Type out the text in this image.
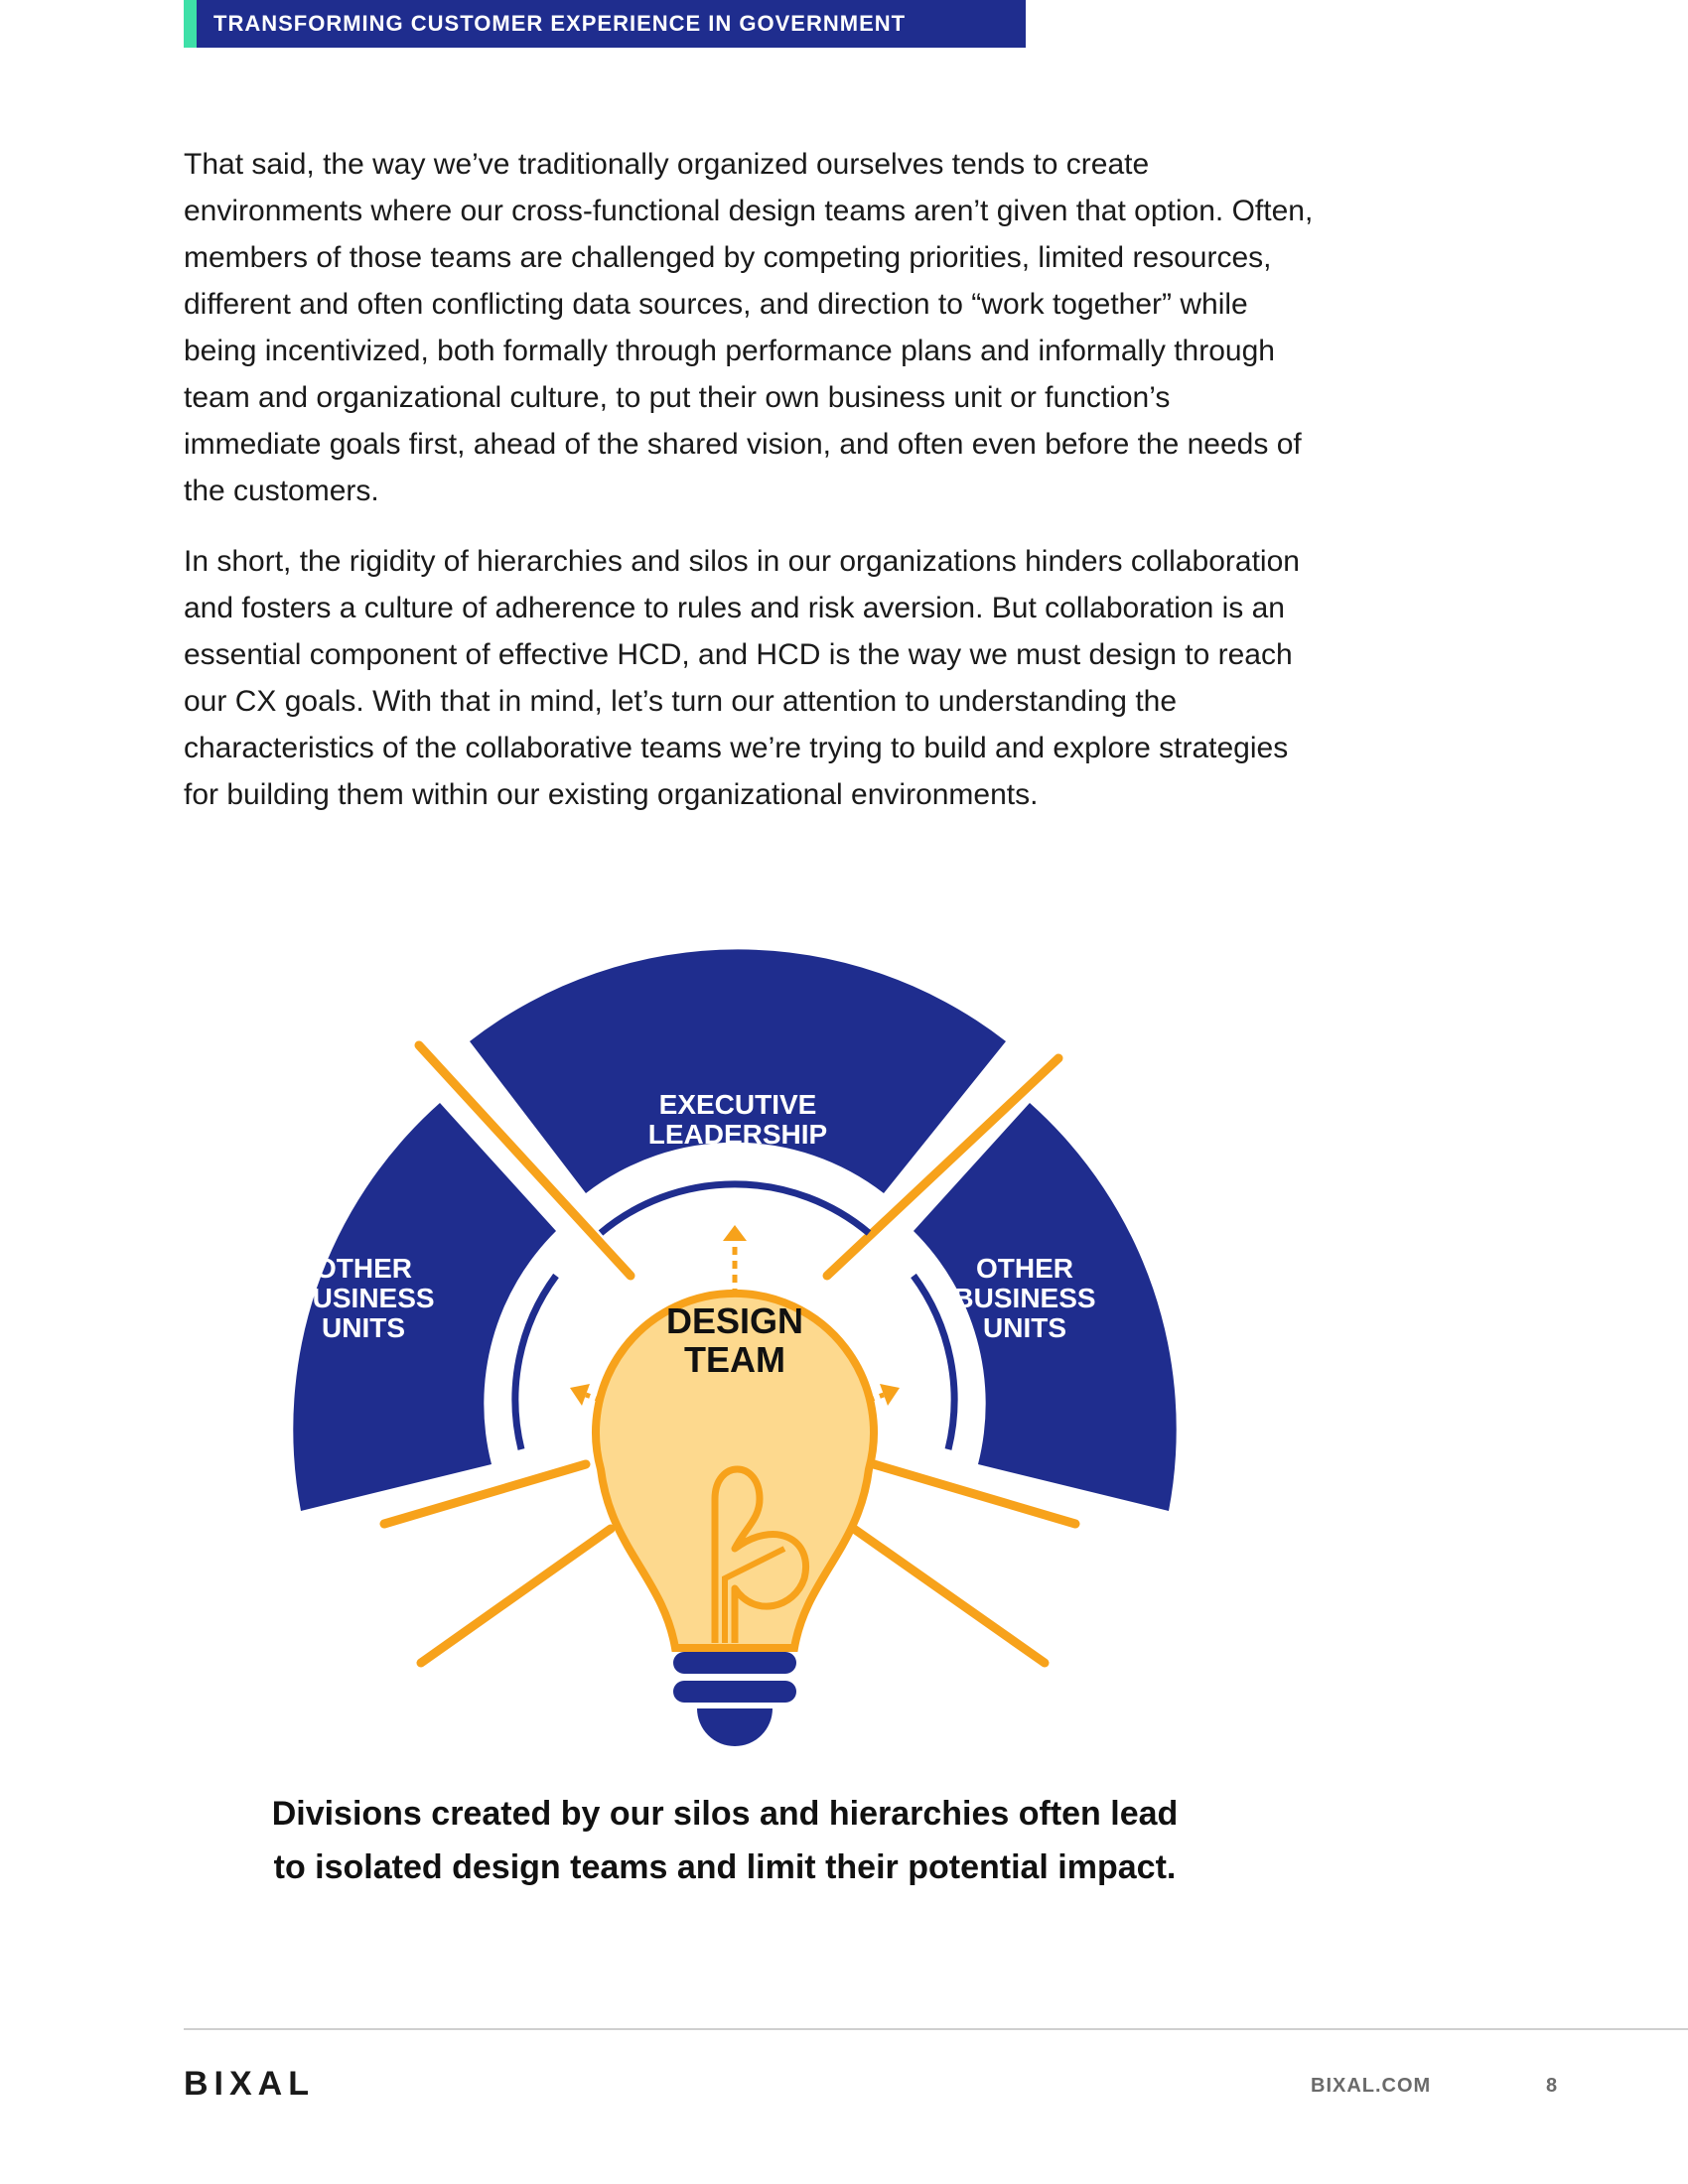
TRANSFORMING CUSTOMER EXPERIENCE IN GOVERNMENT

That said, the way we’ve traditionally organized ourselves tends to create environments where our cross-functional design teams aren’t given that option. Often, members of those teams are challenged by competing priorities, limited resources, different and often conflicting data sources, and direction to “work together” while being incentivized, both formally through performance plans and informally through team and organizational culture, to put their own business unit or function’s immediate goals first, ahead of the shared vision, and often even before the needs of the customers.

In short, the rigidity of hierarchies and silos in our organizations hinders collaboration and fosters a culture of adherence to rules and risk aversion. But collaboration is an essential component of effective HCD, and HCD is the way we must design to reach our CX goals. With that in mind, let’s turn our attention to understanding the characteristics of the collaborative teams we’re trying to build and explore strategies for building them within our existing organizational environments.

EXECUTIVE
LEADERSHIP
OTHER
BUSINESS
UNITS
OTHER
BUSINESS
UNITS
DESIGN
TEAM
Divisions created by our silos and hierarchies often lead
to isolated design teams and limit their potential impact.
BIXAL	BIXAL.COM	8
